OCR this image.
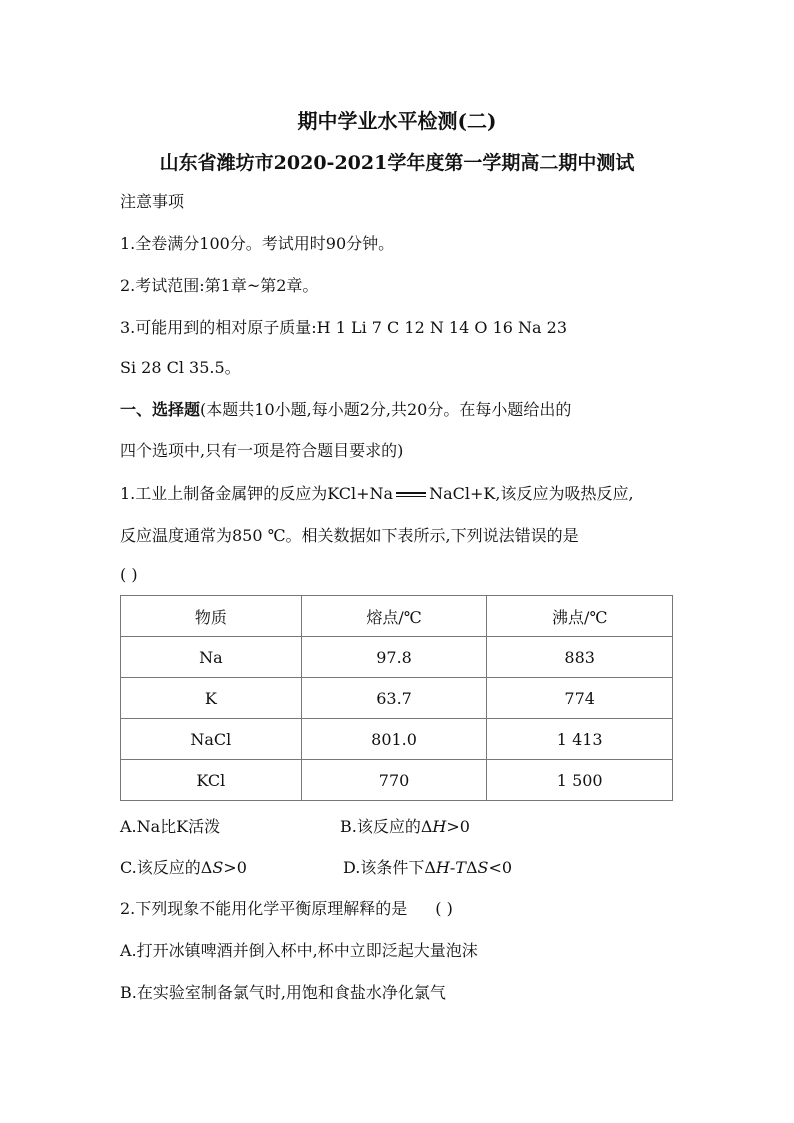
期中学业水平检测(二)
山东省潍坊市2020-2021学年度第一学期高二期中测试
注意事项
1.全卷满分100分。考试用时90分钟。
2.考试范围:第1章~第2章。
3.可能用到的相对原子质量:H 1 Li 7 C 12 N 14 O 16 Na 23
Si 28 Cl 35.5。
一、选择题(本题共10小题,每小题2分,共20分。在每小题给出的
四个选项中,只有一项是符合题目要求的)
1.工业上制备金属钾的反应为KCl+Na NaCl+K,该反应为吸热反应,
反应温度通常为850 ℃。相关数据如下表所示,下列说法错误的是
( )
物质	熔点/℃	沸点/℃
Na	97.8	883
K	63.7	774
NaCl	801.0	1 413
KCl	770	1 500
A.Na比K活泼	B.该反应的ΔH>0
C.该反应的ΔS>0	D.该条件下ΔH-TΔS<0
2.下列现象不能用化学平衡原理解释的是 ( )
A.打开冰镇啤酒并倒入杯中,杯中立即泛起大量泡沫
B.在实验室制备氯气时,用饱和食盐水净化氯气
